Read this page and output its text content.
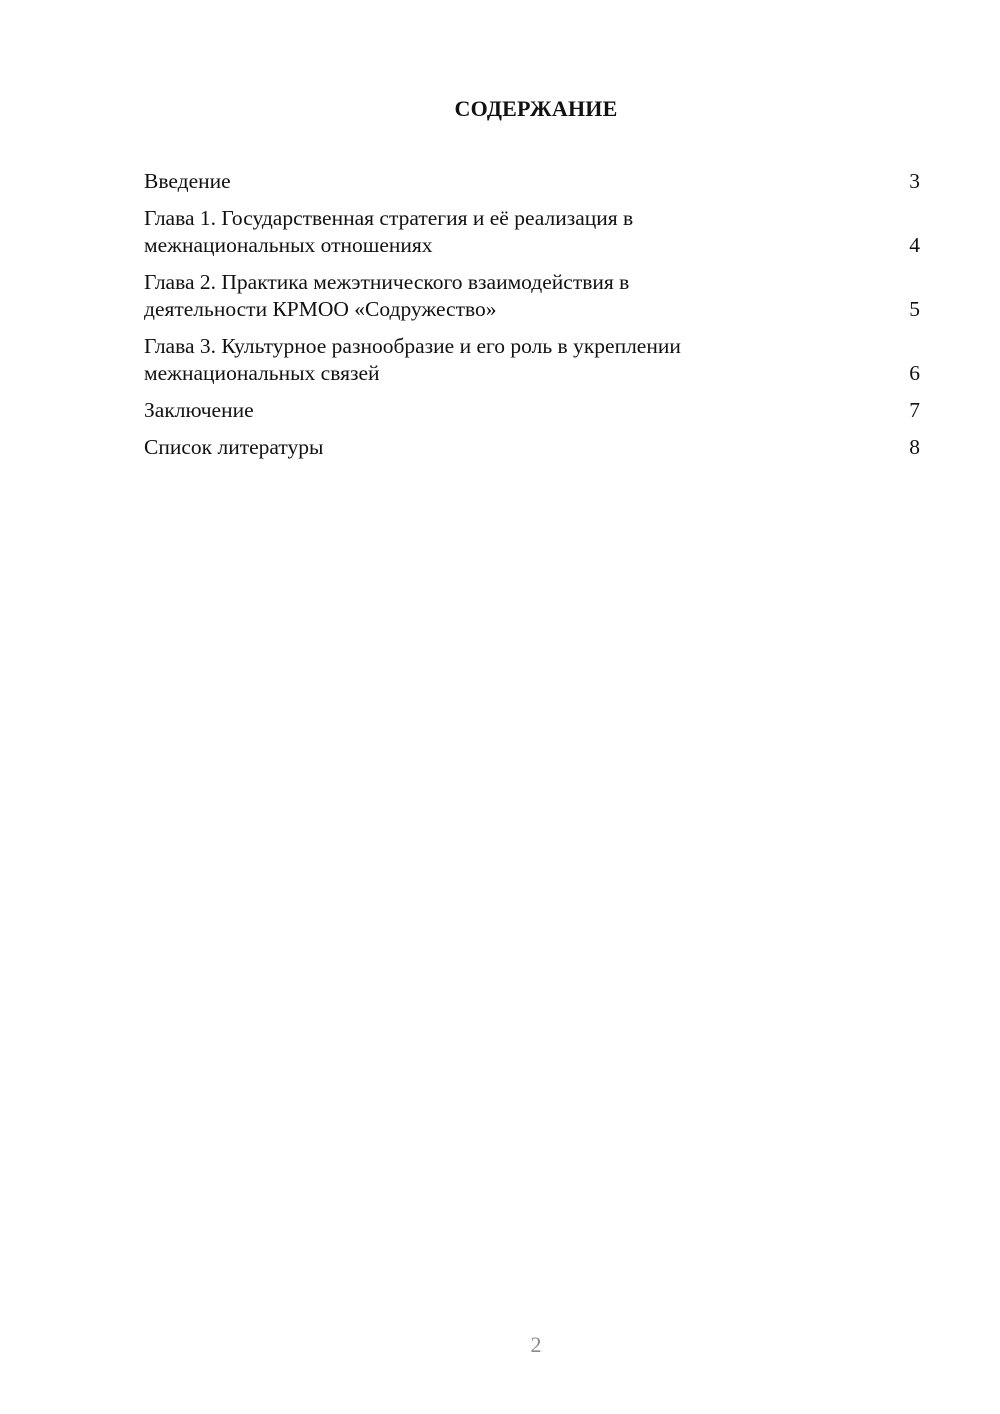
СОДЕРЖАНИЕ
Введение	3
Глава 1. Государственная стратегия и её реализация в
межнациональных отношениях	4
Глава 2. Практика межэтнического взаимодействия в
деятельности КРМОО «Содружество»	5
Глава 3. Культурное разнообразие и его роль в укреплении
межнациональных связей	6
Заключение	7
Список литературы	8
2
